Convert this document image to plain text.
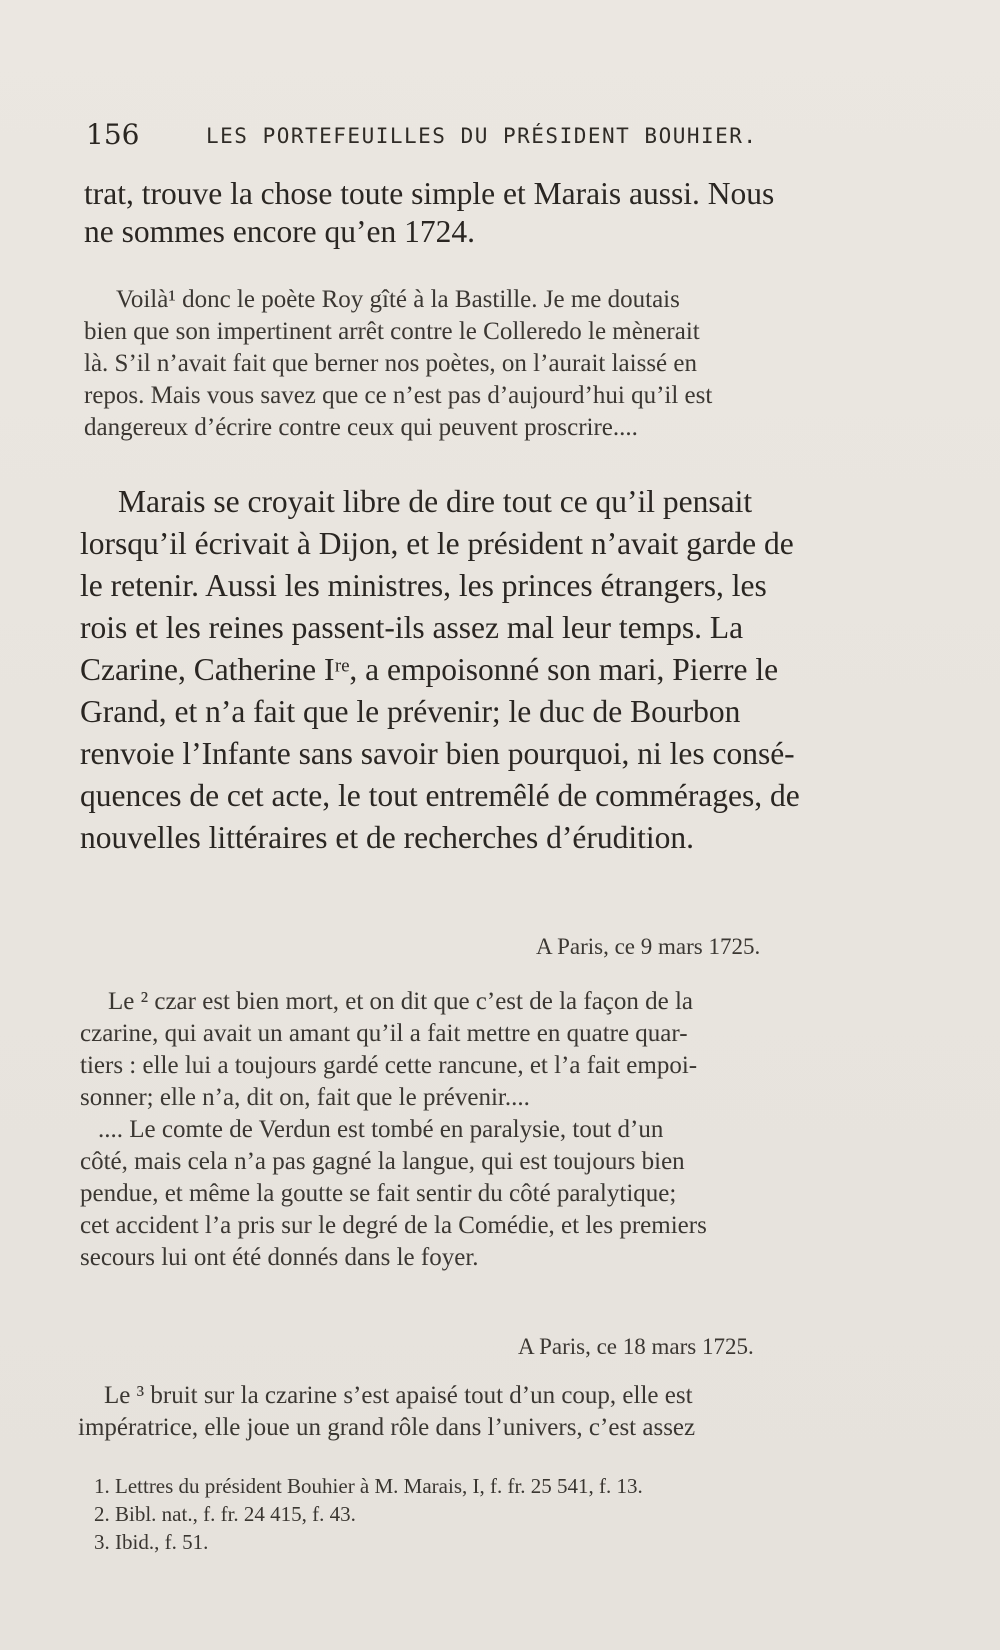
156	LES PORTEFEUILLES DU PRÉSIDENT BOUHIER.
trat, trouve la chose toute simple et Marais aussi. Nous
ne sommes encore qu’en 1724.
Voilà¹ donc le poète Roy gîté à la Bastille. Je me doutais
bien que son impertinent arrêt contre le Colleredo le mènerait
là. S’il n’avait fait que berner nos poètes, on l’aurait laissé en
repos. Mais vous savez que ce n’est pas d’aujourd’hui qu’il est
dangereux d’écrire contre ceux qui peuvent proscrire....
Marais se croyait libre de dire tout ce qu’il pensait
lorsqu’il écrivait à Dijon, et le président n’avait garde de
le retenir. Aussi les ministres, les princes étrangers, les
rois et les reines passent-ils assez mal leur temps. La
Czarine, Catherine Iʳᵉ, a empoisonné son mari, Pierre le
Grand, et n’a fait que le prévenir; le duc de Bourbon
renvoie l’Infante sans savoir bien pourquoi, ni les consé-
quences de cet acte, le tout entremêlé de commérages, de
nouvelles littéraires et de recherches d’érudition.
A Paris, ce 9 mars 1725.
Le ² czar est bien mort, et on dit que c’est de la façon de la
czarine, qui avait un amant qu’il a fait mettre en quatre quar-
tiers : elle lui a toujours gardé cette rancune, et l’a fait empoi-
sonner; elle n’a, dit on, fait que le prévenir....
.... Le comte de Verdun est tombé en paralysie, tout d’un
côté, mais cela n’a pas gagné la langue, qui est toujours bien
pendue, et même la goutte se fait sentir du côté paralytique;
cet accident l’a pris sur le degré de la Comédie, et les premiers
secours lui ont été donnés dans le foyer.
A Paris, ce 18 mars 1725.
Le ³ bruit sur la czarine s’est apaisé tout d’un coup, elle est
impératrice, elle joue un grand rôle dans l’univers, c’est assez
1. Lettres du président Bouhier à M. Marais, I, f. fr. 25 541, f. 13.
2. Bibl. nat., f. fr. 24 415, f. 43.
3. Ibid., f. 51.
